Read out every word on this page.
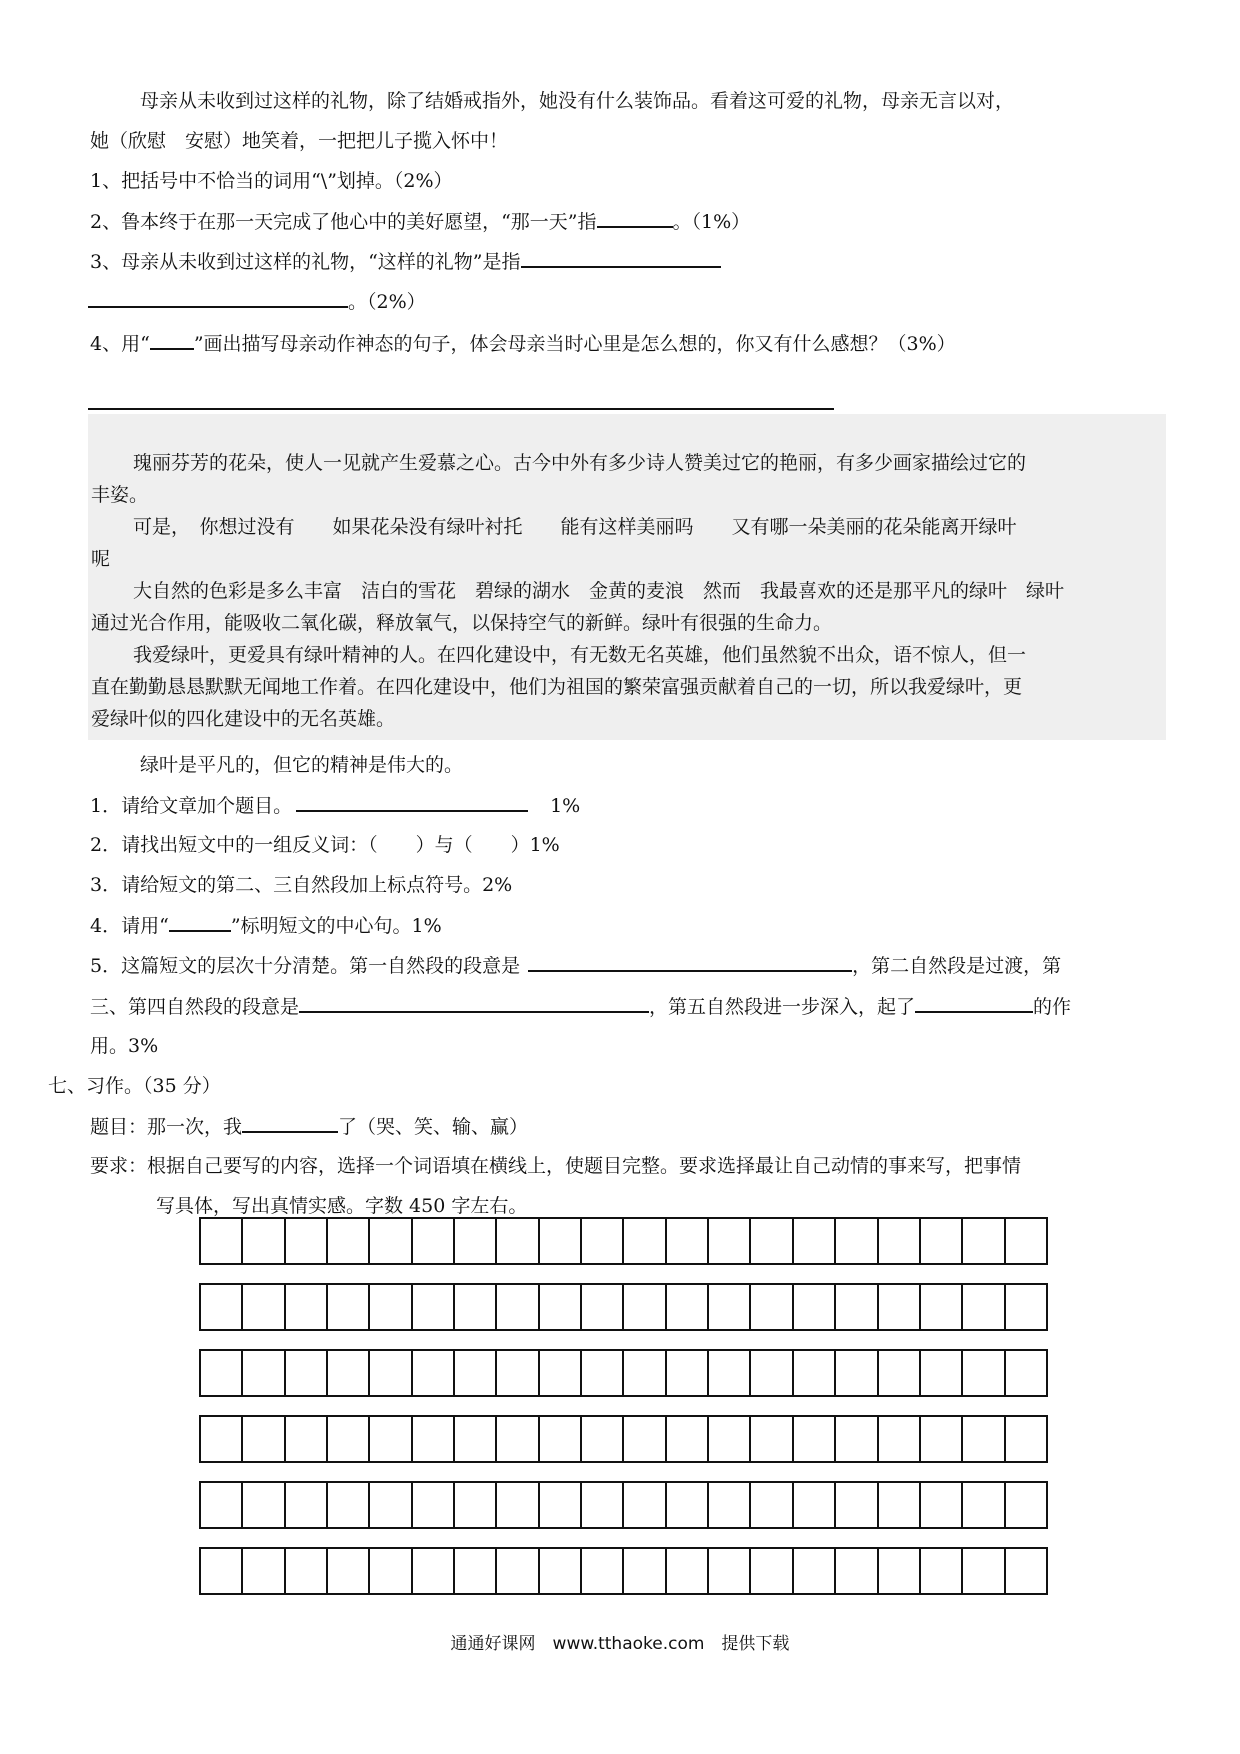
母亲从未收到过这样的礼物，除了结婚戒指外，她没有什么装饰品。看着这可爱的礼物，母亲无言以对，
她（欣慰　安慰）地笑着，一把把儿子揽入怀中！
1、把括号中不恰当的词用“\”划掉。（2%）
2、鲁本终于在那一天完成了他心中的美好愿望，“那一天”指	。（1%）
3、母亲从未收到过这样的礼物，“这样的礼物”是指
。（2%）
4、用“ ”画出描写母亲动作神态的句子，体会母亲当时心里是怎么想的，你又有什么感想？（3%）
瑰丽芬芳的花朵，使人一见就产生爱慕之心。古今中外有多少诗人赞美过它的艳丽，有多少画家描绘过它的
丰姿。
可是，　你想过没有　　如果花朵没有绿叶衬托　　能有这样美丽吗　　又有哪一朵美丽的花朵能离开绿叶
呢
大自然的色彩是多么丰富　洁白的雪花　碧绿的湖水　金黄的麦浪　然而　我最喜欢的还是那平凡的绿叶　绿叶
通过光合作用，能吸收二氧化碳，释放氧气，以保持空气的新鲜。绿叶有很强的生命力。
我爱绿叶，更爱具有绿叶精神的人。在四化建设中，有无数无名英雄，他们虽然貌不出众，语不惊人，但一
直在勤勤恳恳默默无闻地工作着。在四化建设中，他们为祖国的繁荣富强贡献着自己的一切，所以我爱绿叶，更
爱绿叶似的四化建设中的无名英雄。
绿叶是平凡的，但它的精神是伟大的。
1．请给文章加个题目。	1%
2．请找出短文中的一组反义词：（　　）与（　　）1%
3．请给短文的第二、三自然段加上标点符号。2%
4．请用“	”标明短文的中心句。1%
5．这篇短文的层次十分清楚。第一自然段的段意是	，第二自然段是过渡，第
三、第四自然段的段意是	，第五自然段进一步深入，起了	的作
用。3%
七、习作。（35 分）
题目：那一次，我	了（哭、笑、输、赢）
要求：根据自己要写的内容，选择一个词语填在横线上，使题目完整。要求选择最让自己动情的事来写，把事情
写具体，写出真情实感。字数 450 字左右。
通通好课网　www.tthaoke.com　提供下载
